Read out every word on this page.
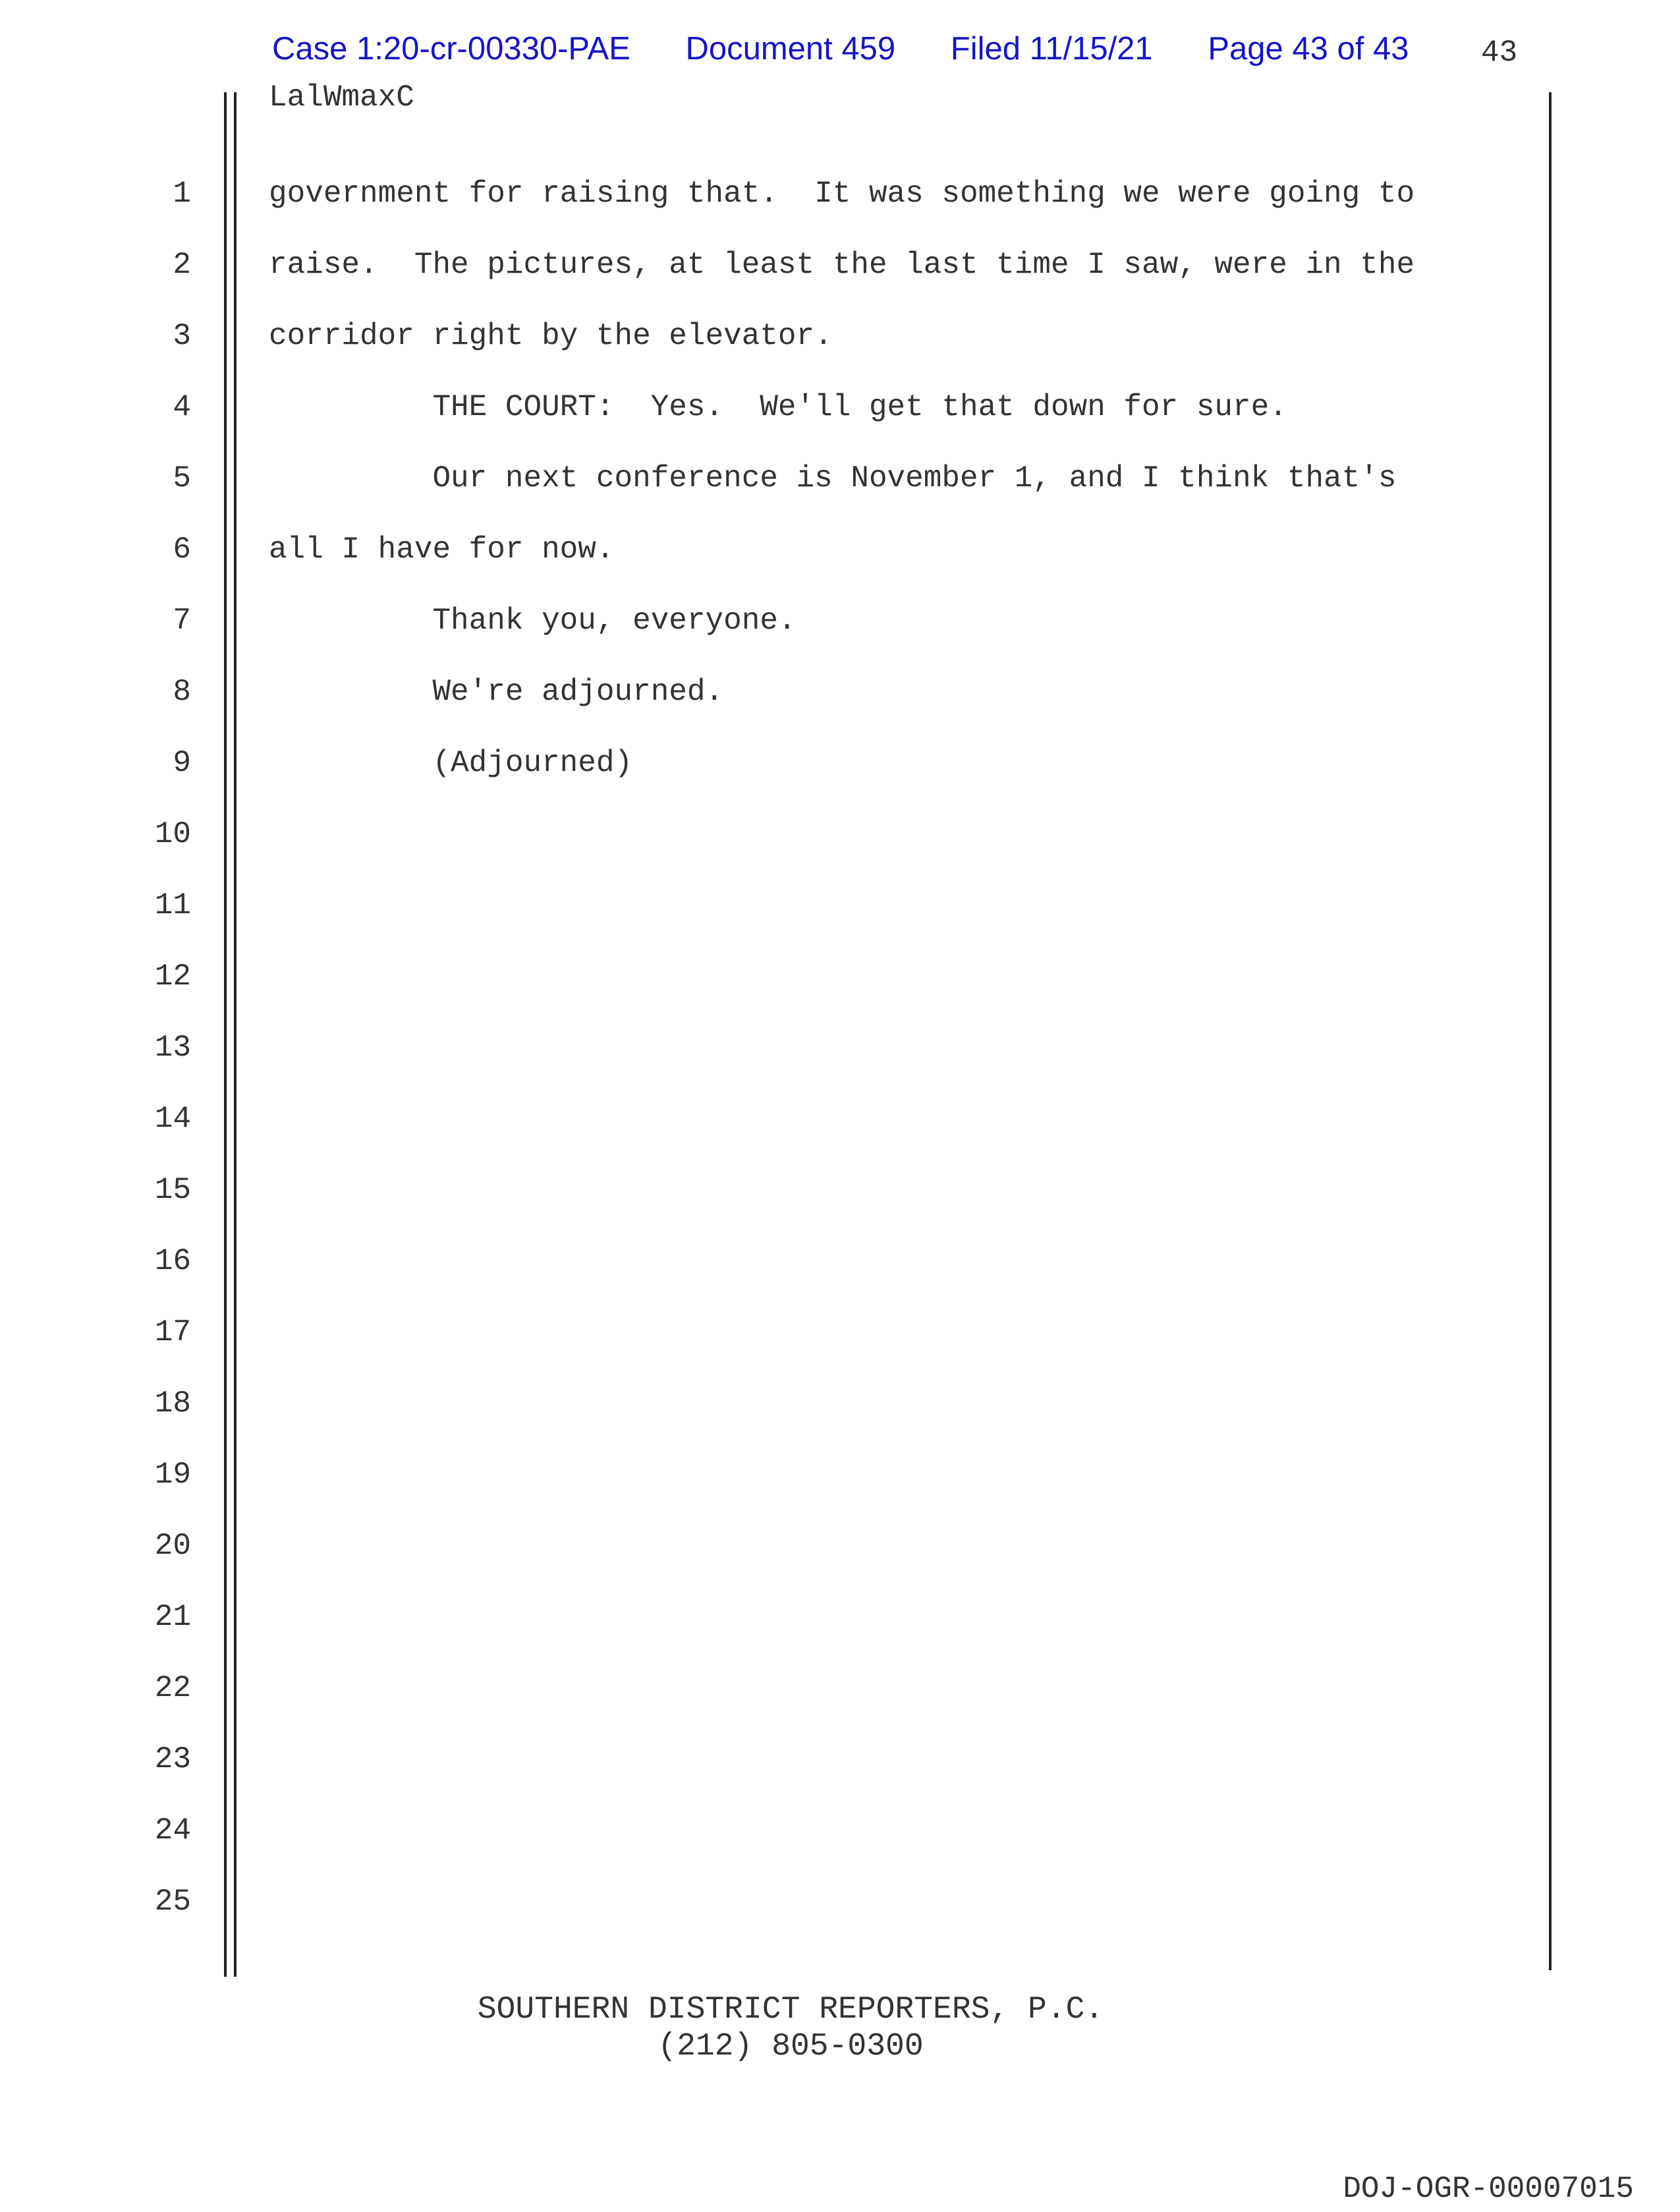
Case 1:20-cr-00330-PAE Document 459 Filed 11/15/21 Page 43 of 43 43
LalWmaxC
1
2
3
4
5
6
7
8
9
10
11
12
13
14
15
16
17
18
19
20
21
22
23
24
25
government for raising that.  It was something we were going to
raise.  The pictures, at least the last time I saw, were in the
corridor right by the elevator.
THE COURT:  Yes.  We'll get that down for sure.
Our next conference is November 1, and I think that's
all I have for now.
Thank you, everyone.
We're adjourned.
(Adjourned)
SOUTHERN DISTRICT REPORTERS, P.C.
(212) 805-0300
DOJ-OGR-00007015
